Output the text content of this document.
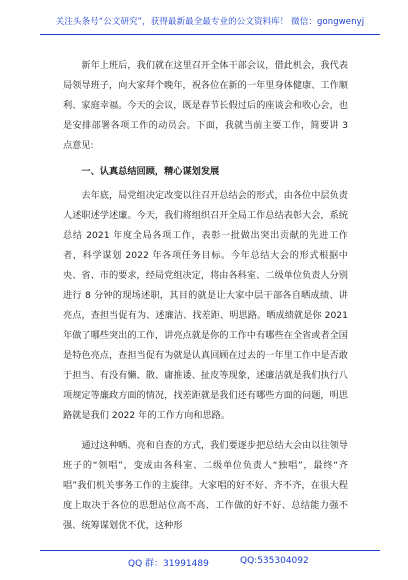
关注头条号“公文研究”，获得最新最全最专业的公文资料库！ 微信：gongwenyj

新年上班后，我们就在这里召开全体干部会议，借此机会，我代表局领导班子，向大家拜个晚年，祝各位在新的一年里身体健康、工作顺利、家庭幸福。今天的会议，既是春节长假过后的座谈会和收心会，也是安排部署各项工作的动员会。下面，我就当前主要工作，简要讲 3 点意见:

一、认真总结回顾，精心谋划发展

去年底，局党组决定改变以往召开总结会的形式，由各位中层负责人述职述学述廉。今天，我们将组织召开全局工作总结表彰大会，系统总结 2021 年度全局各项工作，表彰一批做出突出贡献的先进工作者，科学谋划 2022 年各项任务目标。今年总结大会的形式根据中央、省、市的要求，经局党组决定，将由各科室、二级单位负责人分别进行 8 分钟的现场述职，其目的就是让大家中层干部各自晒成绩、讲亮点，查担当促有为、述廉洁、找差距、明思路。晒成绩就是你 2021 年做了哪些突出的工作，讲亮点就是你的工作中有哪些在全省或者全国是特色亮点，查担当促有为就是认真回顾在过去的一年里工作中是否敢于担当、有没有懒、散、庸推诿、扯皮等现象，述廉洁就是我们执行八项规定等廉政方面的情况，找差距就是我们还有哪些方面的问题，明思路就是我们 2022 年的工作方向和思路。

通过这种晒、亮和自查的方式，我们要逐步把总结大会由以往领导班子的“领唱”，变成由各科室、二级单位负责人“独唱”，最终“齐唱”我们机关事务工作的主旋律。大家唱的好不好、齐不齐，在很大程度上取决于各位的思想站位高不高、工作做的好不好、总结能力强不强、统筹谋划优不优，这种形

QQ 群：31991489	QQ:535304092
